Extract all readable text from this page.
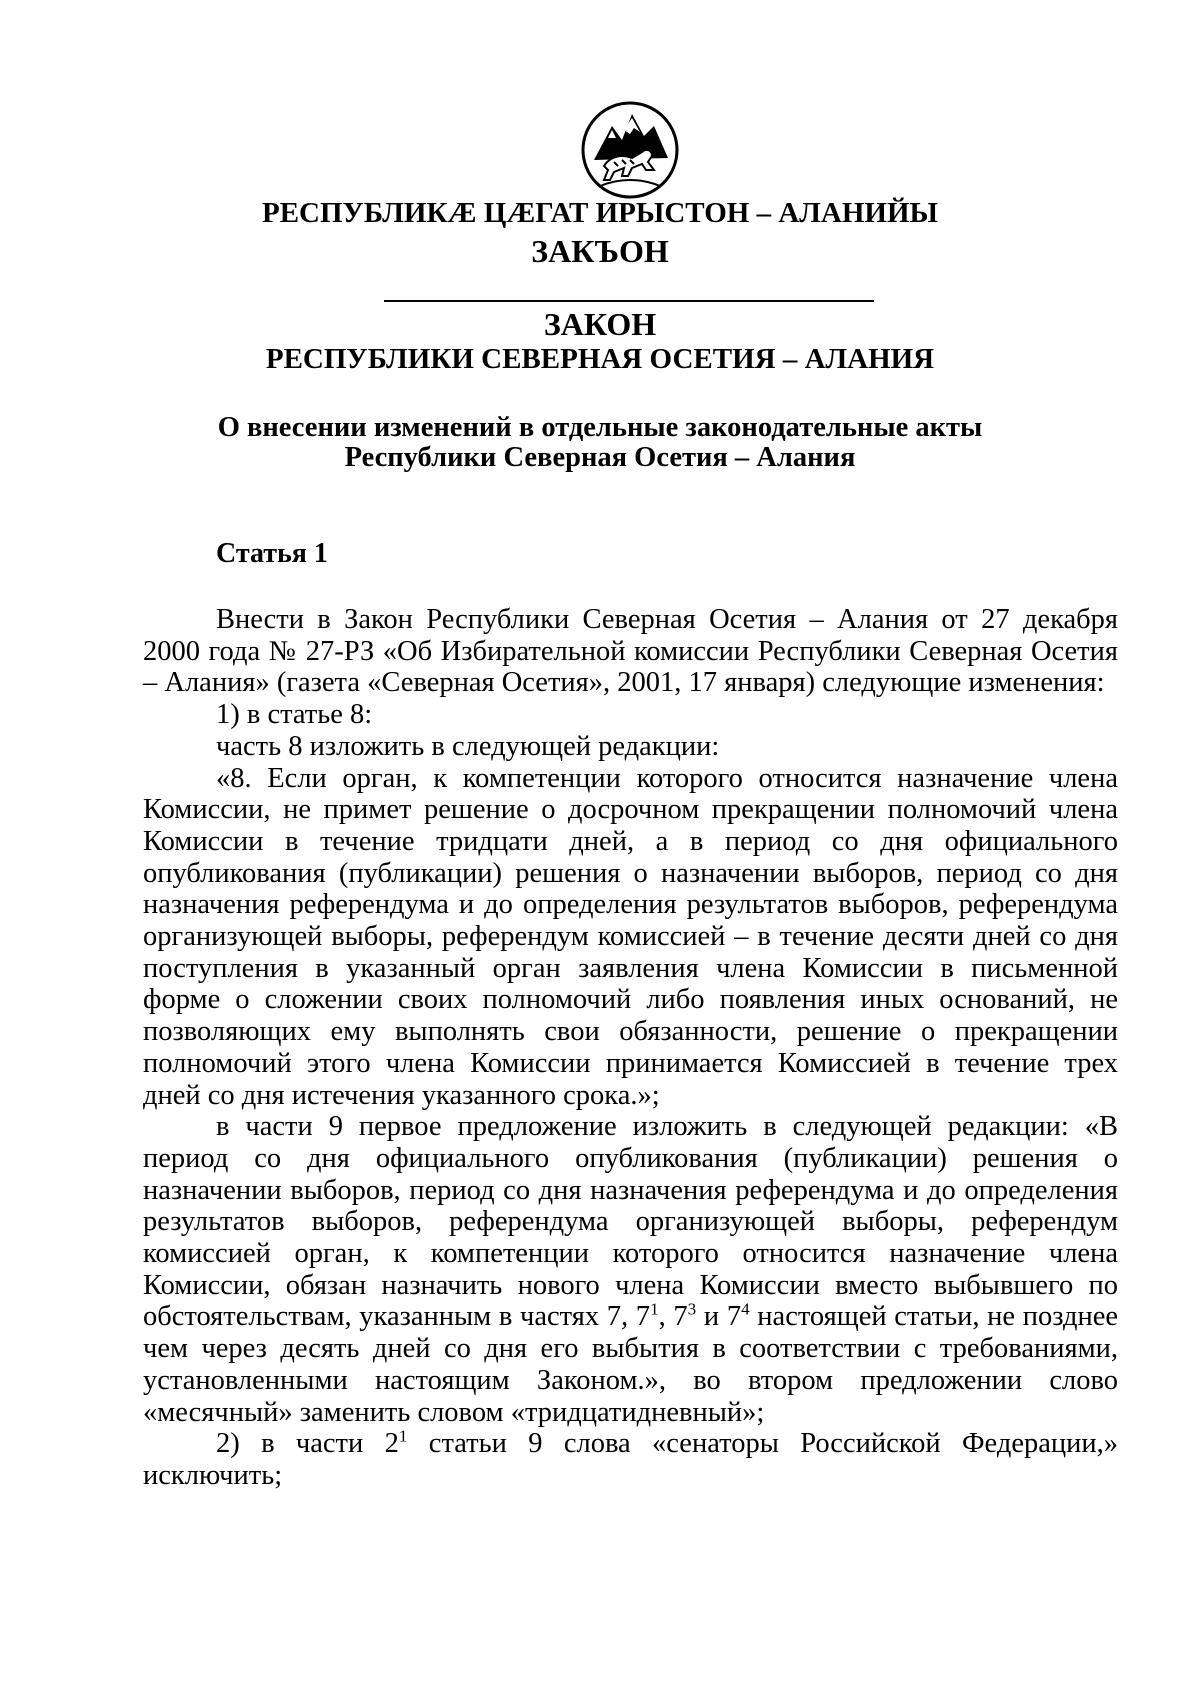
РЕСПУБЛИКӔ ЦӔГАТ ИРЫСТОН – АЛАНИЙЫ
ЗАКЪОН
ЗАКОН
РЕСПУБЛИКИ СЕВЕРНАЯ ОСЕТИЯ – АЛАНИЯ
О внесении изменений в отдельные законодательные акты
Республики Северная Осетия – Алания
Статья 1

Внести в Закон Республики Северная Осетия – Алания от 27 декабря 2000 года № 27-РЗ «Об Избирательной комиссии Республики Северная Осетия – Алания» (газета «Северная Осетия», 2001, 17 января) следующие изменения:

1) в статье 8:

часть 8 изложить в следующей редакции:

«8. Если орган, к компетенции которого относится назначение члена Комиссии, не примет решение о досрочном прекращении полномочий члена Комиссии в течение тридцати дней, а в период со дня официального опубликования (публикации) решения о назначении выборов, период со дня назначения референдума и до определения результатов выборов, референдума организующей выборы, референдум комиссией – в течение десяти дней со дня поступления в указанный орган заявления члена Комиссии в письменной форме о сложении своих полномочий либо появления иных оснований, не позволяющих ему выполнять свои обязанности, решение о прекращении полномочий этого члена Комиссии принимается Комиссией в течение трех дней со дня истечения указанного срока.»;

в части 9 первое предложение изложить в следующей редакции: «В период со дня официального опубликования (публикации) решения о назначении выборов, период со дня назначения референдума и до определения результатов выборов, референдума организующей выборы, референдум комиссией орган, к компетенции которого относится назначение члена Комиссии, обязан назначить нового члена Комиссии вместо выбывшего по обстоятельствам, указанным в частях 7, $7^1$, $7^3$ и $7^4$ настоящей статьи, не позднее чем через десять дней со дня его выбытия в соответствии с требованиями, установленными настоящим Законом.», во втором предложении слово «месячный» заменить словом «тридцатидневный»;

2) в части $2^1$ статьи 9 слова «сенаторы Российской Федерации,» исключить;
